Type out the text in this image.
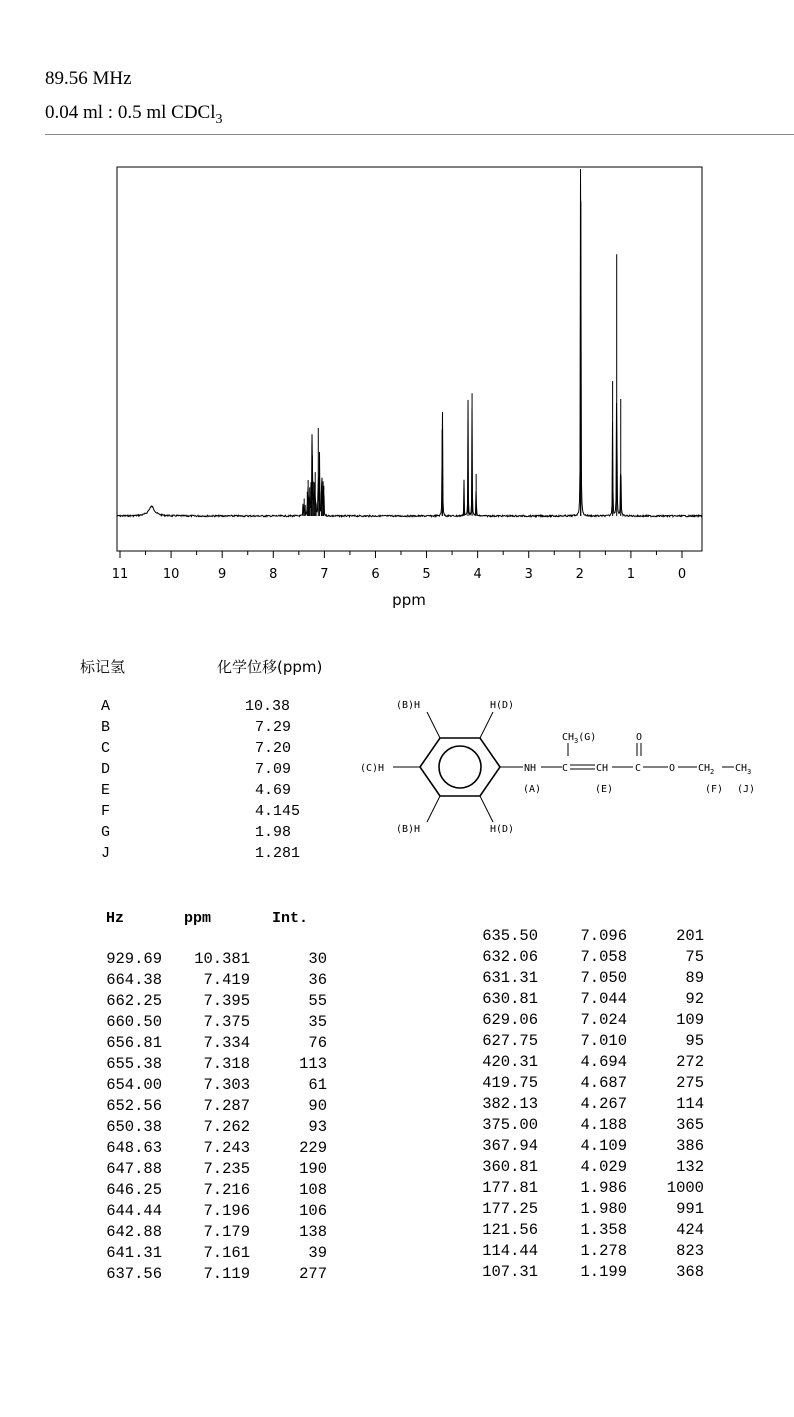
89.56 MHz
0.04 ml : 0.5 ml CDCl$_3$
11	10	9	8	7	6	5	4	3	2	1	0
ppm
标记氢	化学位移(ppm)
A	10.38
B	7.29
C	7.20
D	7.09
E	4.69
F	4.145
G	1.98
J	1.281
(B)H	H(D)
(C)H
(B)H	H(D)
NH	C
$CH_3(G)$
CH	C
O
O $CH_2$ $CH_3$
(A)	(E)	(F) (J)
Hz	ppm	Int.
929.69	10.381	30
664.38	7.419	36
662.25	7.395	55
660.50	7.375	35
656.81	7.334	76
655.38	7.318	113
654.00	7.303	61
652.56	7.287	90
650.38	7.262	93
648.63	7.243	229
647.88	7.235	190
646.25	7.216	108
644.44	7.196	106
642.88	7.179	138
641.31	7.161	39
637.56	7.119	277
635.50	7.096	201
632.06	7.058	75
631.31	7.050	89
630.81	7.044	92
629.06	7.024	109
627.75	7.010	95
420.31	4.694	272
419.75	4.687	275
382.13	4.267	114
375.00	4.188	365
367.94	4.109	386
360.81	4.029	132
177.81	1.986	1000
177.25	1.980	991
121.56	1.358	424
114.44	1.278	823
107.31	1.199	368
